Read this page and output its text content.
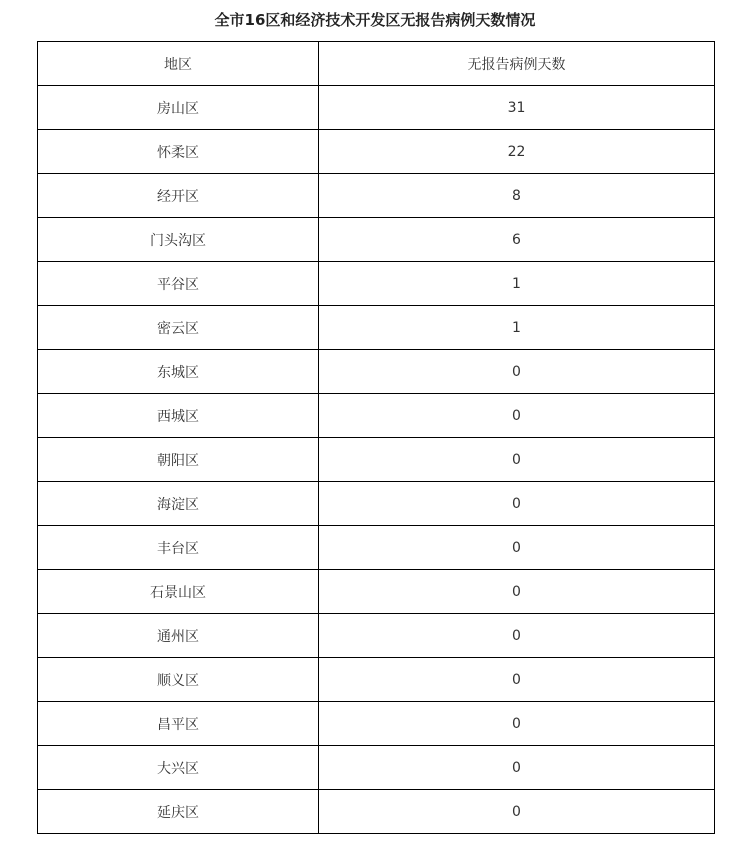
全市16区和经济技术开发区无报告病例天数情况
地区	无报告病例天数
房山区	31
怀柔区	22
经开区	8
门头沟区	6
平谷区	1
密云区	1
东城区	0
西城区	0
朝阳区	0
海淀区	0
丰台区	0
石景山区	0
通州区	0
顺义区	0
昌平区	0
大兴区	0
延庆区	0
